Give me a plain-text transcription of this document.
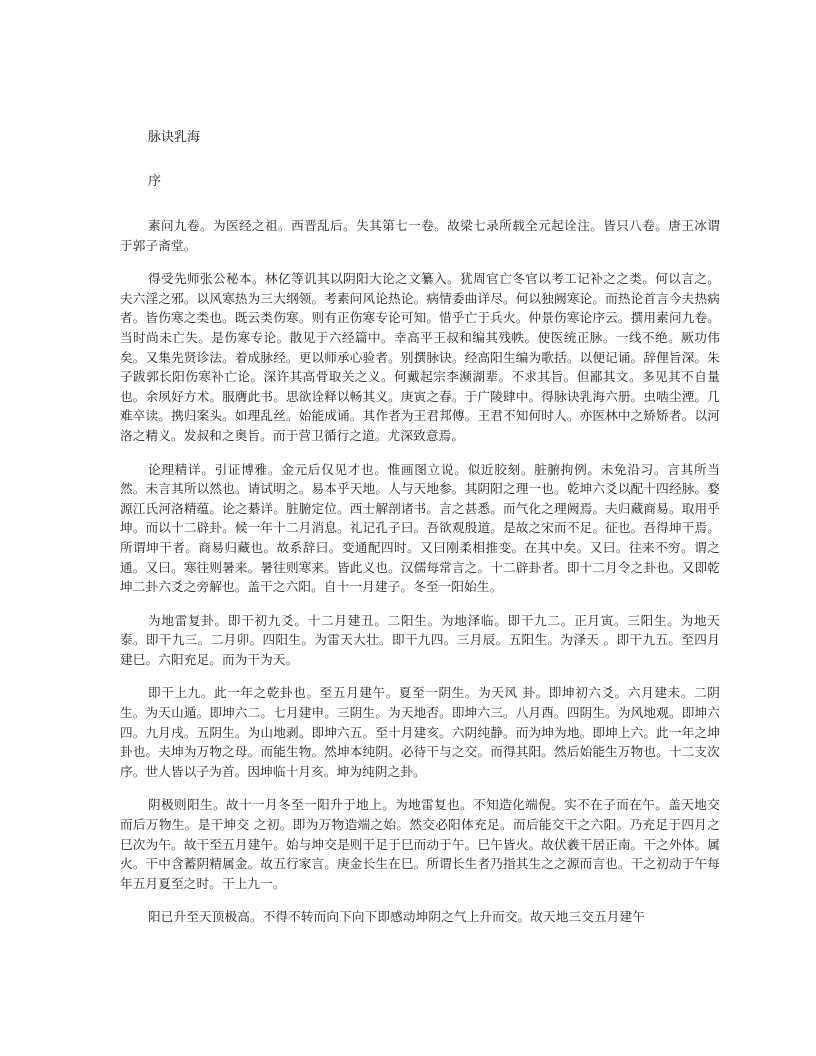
脉诀乳海
序

素问九卷。为医经之祖。西晋乱后。失其第七一卷。故梁七录所载全元起诠注。皆只八卷。唐王冰谓于郭子斋堂。

得受先师张公秘本。林亿等讥其以阴阳大论之文纂入。犹周官亡冬官以考工记补之之类。何以言之。夫六淫之邪。以风寒热为三大纲领。考素问风论热论。病情委曲详尽。何以独阙寒论。而热论首言今夫热病者。皆伤寒之类也。既云类伤寒。则有正伤寒专论可知。惜乎亡于兵火。仲景伤寒论序云。撰用素问九卷。当时尚未亡失。是伤寒专论。散见于六经篇中。幸高平王叔和编其残帙。使医统正脉。一线不绝。厥功伟矣。又集先贤诊法。着成脉经。更以师承心验者。别撰脉诀。经高阳生编为歌括。以便记诵。辞俚旨深。朱子跋郭长阳伤寒补亡论。深许其高骨取关之义。何戴起宗李濒湖辈。不求其旨。但鄙其文。多见其不自量也。余夙好方术。服膺此书。思欲诠释以畅其义。庚寅之春。于广陵肆中。得脉诀乳海六册。虫啮尘湮。几难卒读。携归案头。如理乱丝。始能成诵。其作者为王君邦傅。王君不知何时人。亦医林中之矫矫者。以河洛之精义。发叔和之奥旨。而于营卫循行之道。尤深致意焉。

论理精详。引证博雅。金元后仅见才也。惟画图立说。似近胶刻。脏腑拘例。未免沿习。言其所当然。未言其所以然也。请试明之。易本乎天地。人与天地参。其阴阳之理一也。乾坤六爻以配十四经脉。婺源江氏河洛精蕴。论之綦详。脏腑定位。西士解剖诸书。言之甚悉。而气化之理阙焉。夫归藏商易。取用乎坤。而以十二辟卦。候一年十二月消息。礼记孔子曰。吾欲观殷道。是故之宋而不足。征也。吾得坤干焉。所谓坤干者。商易归藏也。故系辞曰。变通配四时。又曰刚柔相推变。在其中矣。又曰。往来不穷。谓之通。又曰。寒往则暑来。暑往则寒来。皆此义也。汉儒每常言之。十二辟卦者。即十二月令之卦也。又即乾坤二卦六爻之旁解也。盖干之六阳。自十一月建子。冬至一阳始生。

为地雷复卦。即干初九爻。十二月建丑。二阳生。为地泽临。即干九二。正月寅。三阳生。为地天泰。即干九三。二月卯。四阳生。为雷天大壮。即干九四。三月辰。五阳生。为泽天 。即干九五。至四月建巳。六阳充足。而为干为天。

即干上九。此一年之乾卦也。至五月建午。夏至一阴生。为天风 卦。即坤初六爻。六月建未。二阴生。为天山遁。即坤六二。七月建申。三阴生。为天地否。即坤六三。八月酉。四阴生。为风地观。即坤六四。九月戌。五阴生。为山地剥。即坤六五。至十月建亥。六阴纯静。而为坤为地。即坤上六。此一年之坤卦也。夫坤为万物之母。而能生物。然坤本纯阴。必待干与之交。而得其阳。然后始能生万物也。十二支次序。世人皆以子为首。因坤临十月亥。坤为纯阴之卦。

阴极则阳生。故十一月冬至一阳升于地上。为地雷复也。不知造化端倪。实不在子而在午。盖天地交而后万物生。是干坤交 之初。即为万物造端之始。然交必阳体充足。而后能交干之六阳。乃充足于四月之巳次为午。故干至五月建午。始与坤交是则干足于巳而动于午。巳午皆火。故伏羲干居正南。干之外体。属火。干中含蓄阴精属金。故五行家言。庚金长生在巳。所谓长生者乃指其生之之源而言也。干之初动于午每年五月夏至之时。干上九一。

阳已升至天顶极高。不得不转而向下向下即感动坤阴之气上升而交。故天地三交五月建午
